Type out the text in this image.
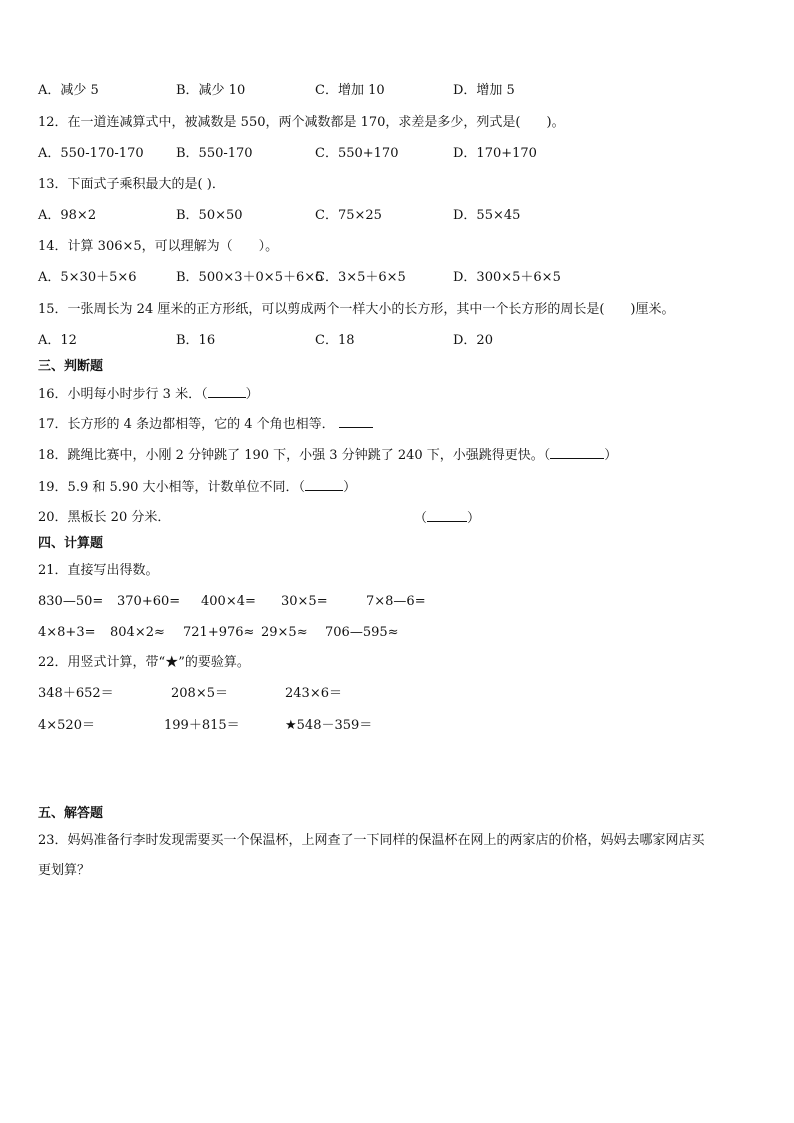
A．减少 5	B．减少 10	C．增加 10	D．增加 5
12．在一道连减算式中，被减数是 550，两个减数都是 170，求差是多少，列式是(　　)。
A．550-170-170 B．550-170	C．550+170	D．170+170
13．下面式子乘积最大的是( )．
A．98×2	B．50×50	C．75×25	D．55×45
14．计算 306×5，可以理解为（　　）。
A．5×30＋5×6	B．500×3＋0×5＋6×5
C．3×5＋6×5	D．300×5＋6×5
15．一张周长为 24 厘米的正方形纸，可以剪成两个一样大小的长方形，其中一个长方形的周长是(　　)厘米。
A．12	B．16	C．18	D．20
三、判断题
16．小明每小时步行 3 米．（	）
17．长方形的 4 条边都相等，它的 4 个角也相等．
18．跳绳比赛中，小刚 2 分钟跳了 190 下，小强 3 分钟跳了 240 下，小强跳得更快。（	）
19．5.9 和 5.90 大小相等，计数单位不同．（	）
20．黑板长 20 分米．	（	）
四、计算题
21．直接写出得数。
830—50= 370+60= 400×4= 30×5=	7×8—6=
4×8+3= 804×2≈ 721+976≈ 29×5≈ 706—595≈
22．用竖式计算，带“★”的要验算。
348＋652＝	208×5＝	243×6＝
4×520＝	199＋815＝	★548－359＝
五、解答题
23．妈妈准备行李时发现需要买一个保温杯，上网查了一下同样的保温杯在网上的两家店的价格，妈妈去哪家网店买
更划算？
